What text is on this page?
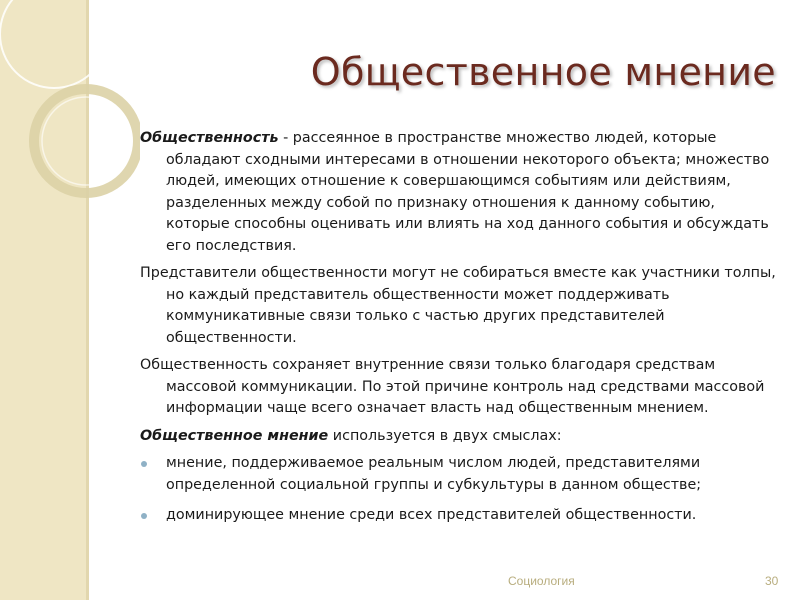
Общественное мнение

Общественность - рассеянное в пространстве множество людей, которые обладают сходными интересами в отношении некоторого объекта; множество людей, имеющих отношение к совершающимся событиям или действиям, разделенных между собой по признаку отношения к данному событию, которые способны оценивать или влиять на ход данного события и обсуждать его последствия.

Представители общественности могут не собираться вместе как участники толпы, но каждый представитель общественности может поддерживать коммуникативные связи только с частью других представителей общественности.

Общественность сохраняет внутренние связи только благодаря средствам массовой коммуникации. По этой причине контроль над средствами массовой информации чаще всего означает власть над общественным мнением.

Общественное мнение используется в двух смыслах:

мнение, поддерживаемое реальным числом людей, представителями определенной социальной группы и субкультуры в данном обществе;

доминирующее мнение среди всех представителей общественности.

Социология	30
